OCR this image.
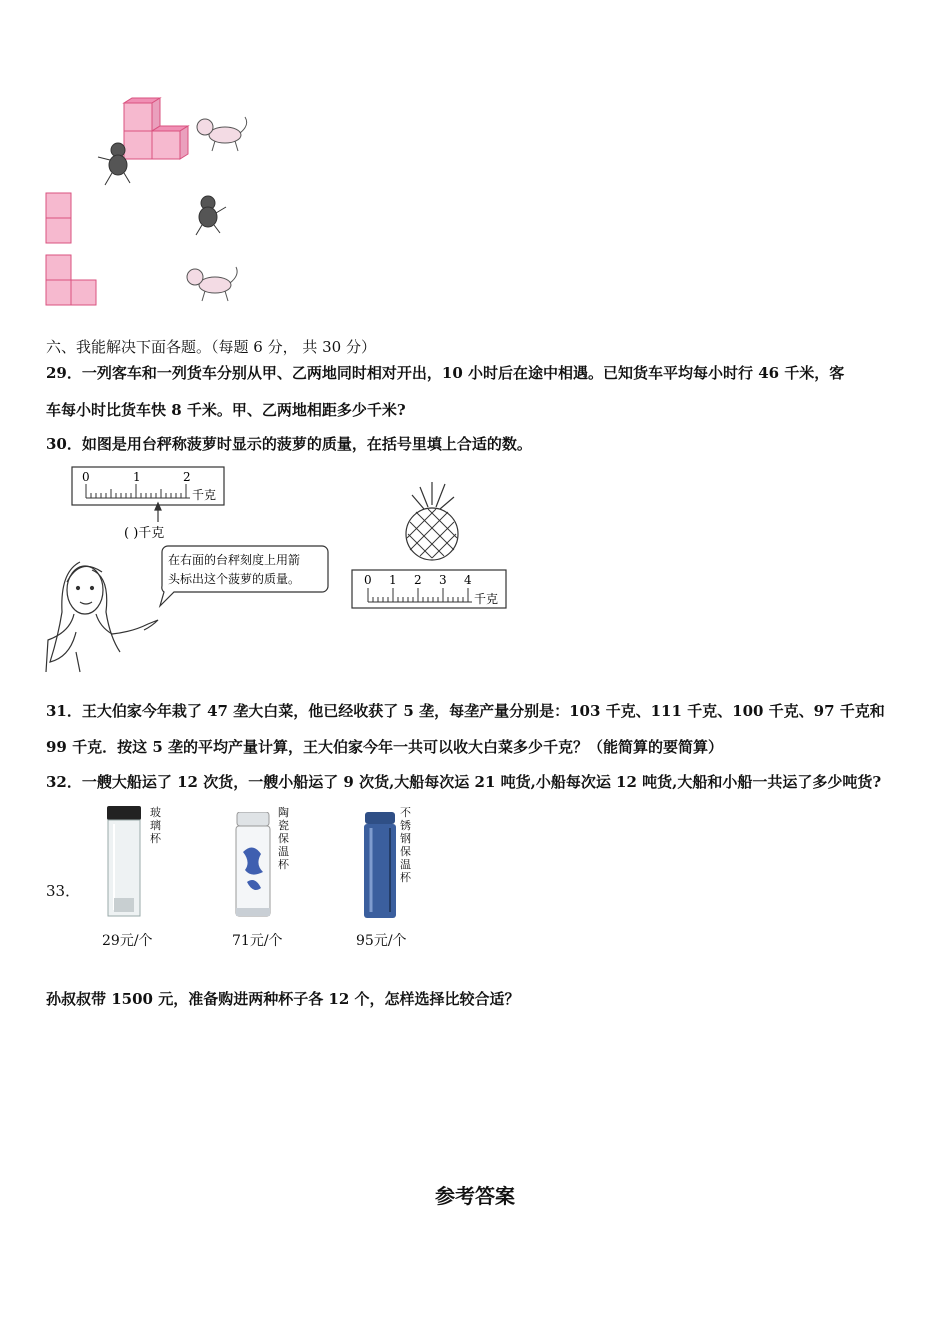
六、我能解决下面各题。（每题 6 分， 共 30 分）
29．一列客车和一列货车分别从甲、乙两地同时相对开出，10 小时后在途中相遇。已知货车平均每小时行 46 千米，客
车每小时比货车快 8 千米。甲、乙两地相距多少千米?
30．如图是用台秤称菠萝时显示的菠萝的质量，在括号里填上合适的数。
0	1	2
千克
( )千克
在右面的台秤刻度上用箭
头标出这个菠萝的质量。	0 1 2 3 4
千克
31．王大伯家今年栽了 47 垄大白菜，他已经收获了 5 垄，每垄产量分别是：103 千克、111 千克、100 千克、97 千克和
99 千克．按这 5 垄的平均产量计算，王大伯家今年一共可以收大白菜多少千克？（能简算的要简算）
32．一艘大船运了 12 次货，一艘小船运了 9 次货,大船每次运 21 吨货,小船每次运 12 吨货,大船和小船一共运了多少吨货?
33．
玻璃杯
29元/个
陶瓷保温杯
71元/个
不锈钢保温杯
95元/个
孙叔叔带 1500 元，准备购进两种杯子各 12 个，怎样选择比较合适？
参考答案
